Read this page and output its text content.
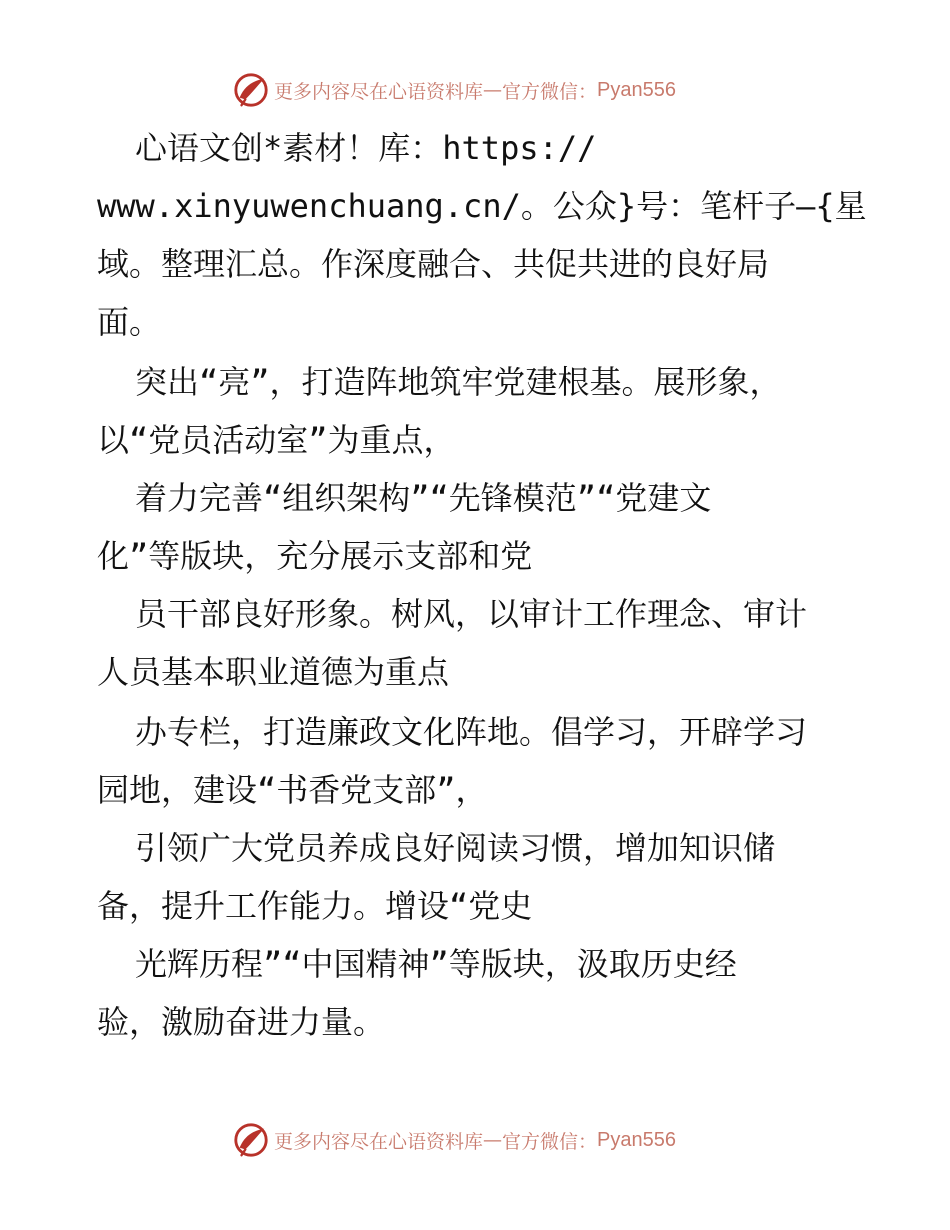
更多内容尽在心语资料库 — 官方微信： Pyan556
心语文创*素材！库：https://
www.xinyuwenchuang.cn/。公众}号：笔杆子—{星
域。整理汇总。作深度融合、共促共进的良好局
面。
突出“亮”，打造阵地筑牢党建根基。展形象，
以“党员活动室”为重点，
着力完善“组织架构”“先锋模范”“党建文
化”等版块，充分展示支部和党
员干部良好形象。树风，以审计工作理念、审计
人员基本职业道德为重点
办专栏，打造廉政文化阵地。倡学习，开辟学习
园地，建设“书香党支部”，
引领广大党员养成良好阅读习惯，增加知识储
备，提升工作能力。增设“党史
光辉历程”“中国精神”等版块，汲取历史经
验，激励奋进力量。
更多内容尽在心语资料库 — 官方微信： Pyan556
